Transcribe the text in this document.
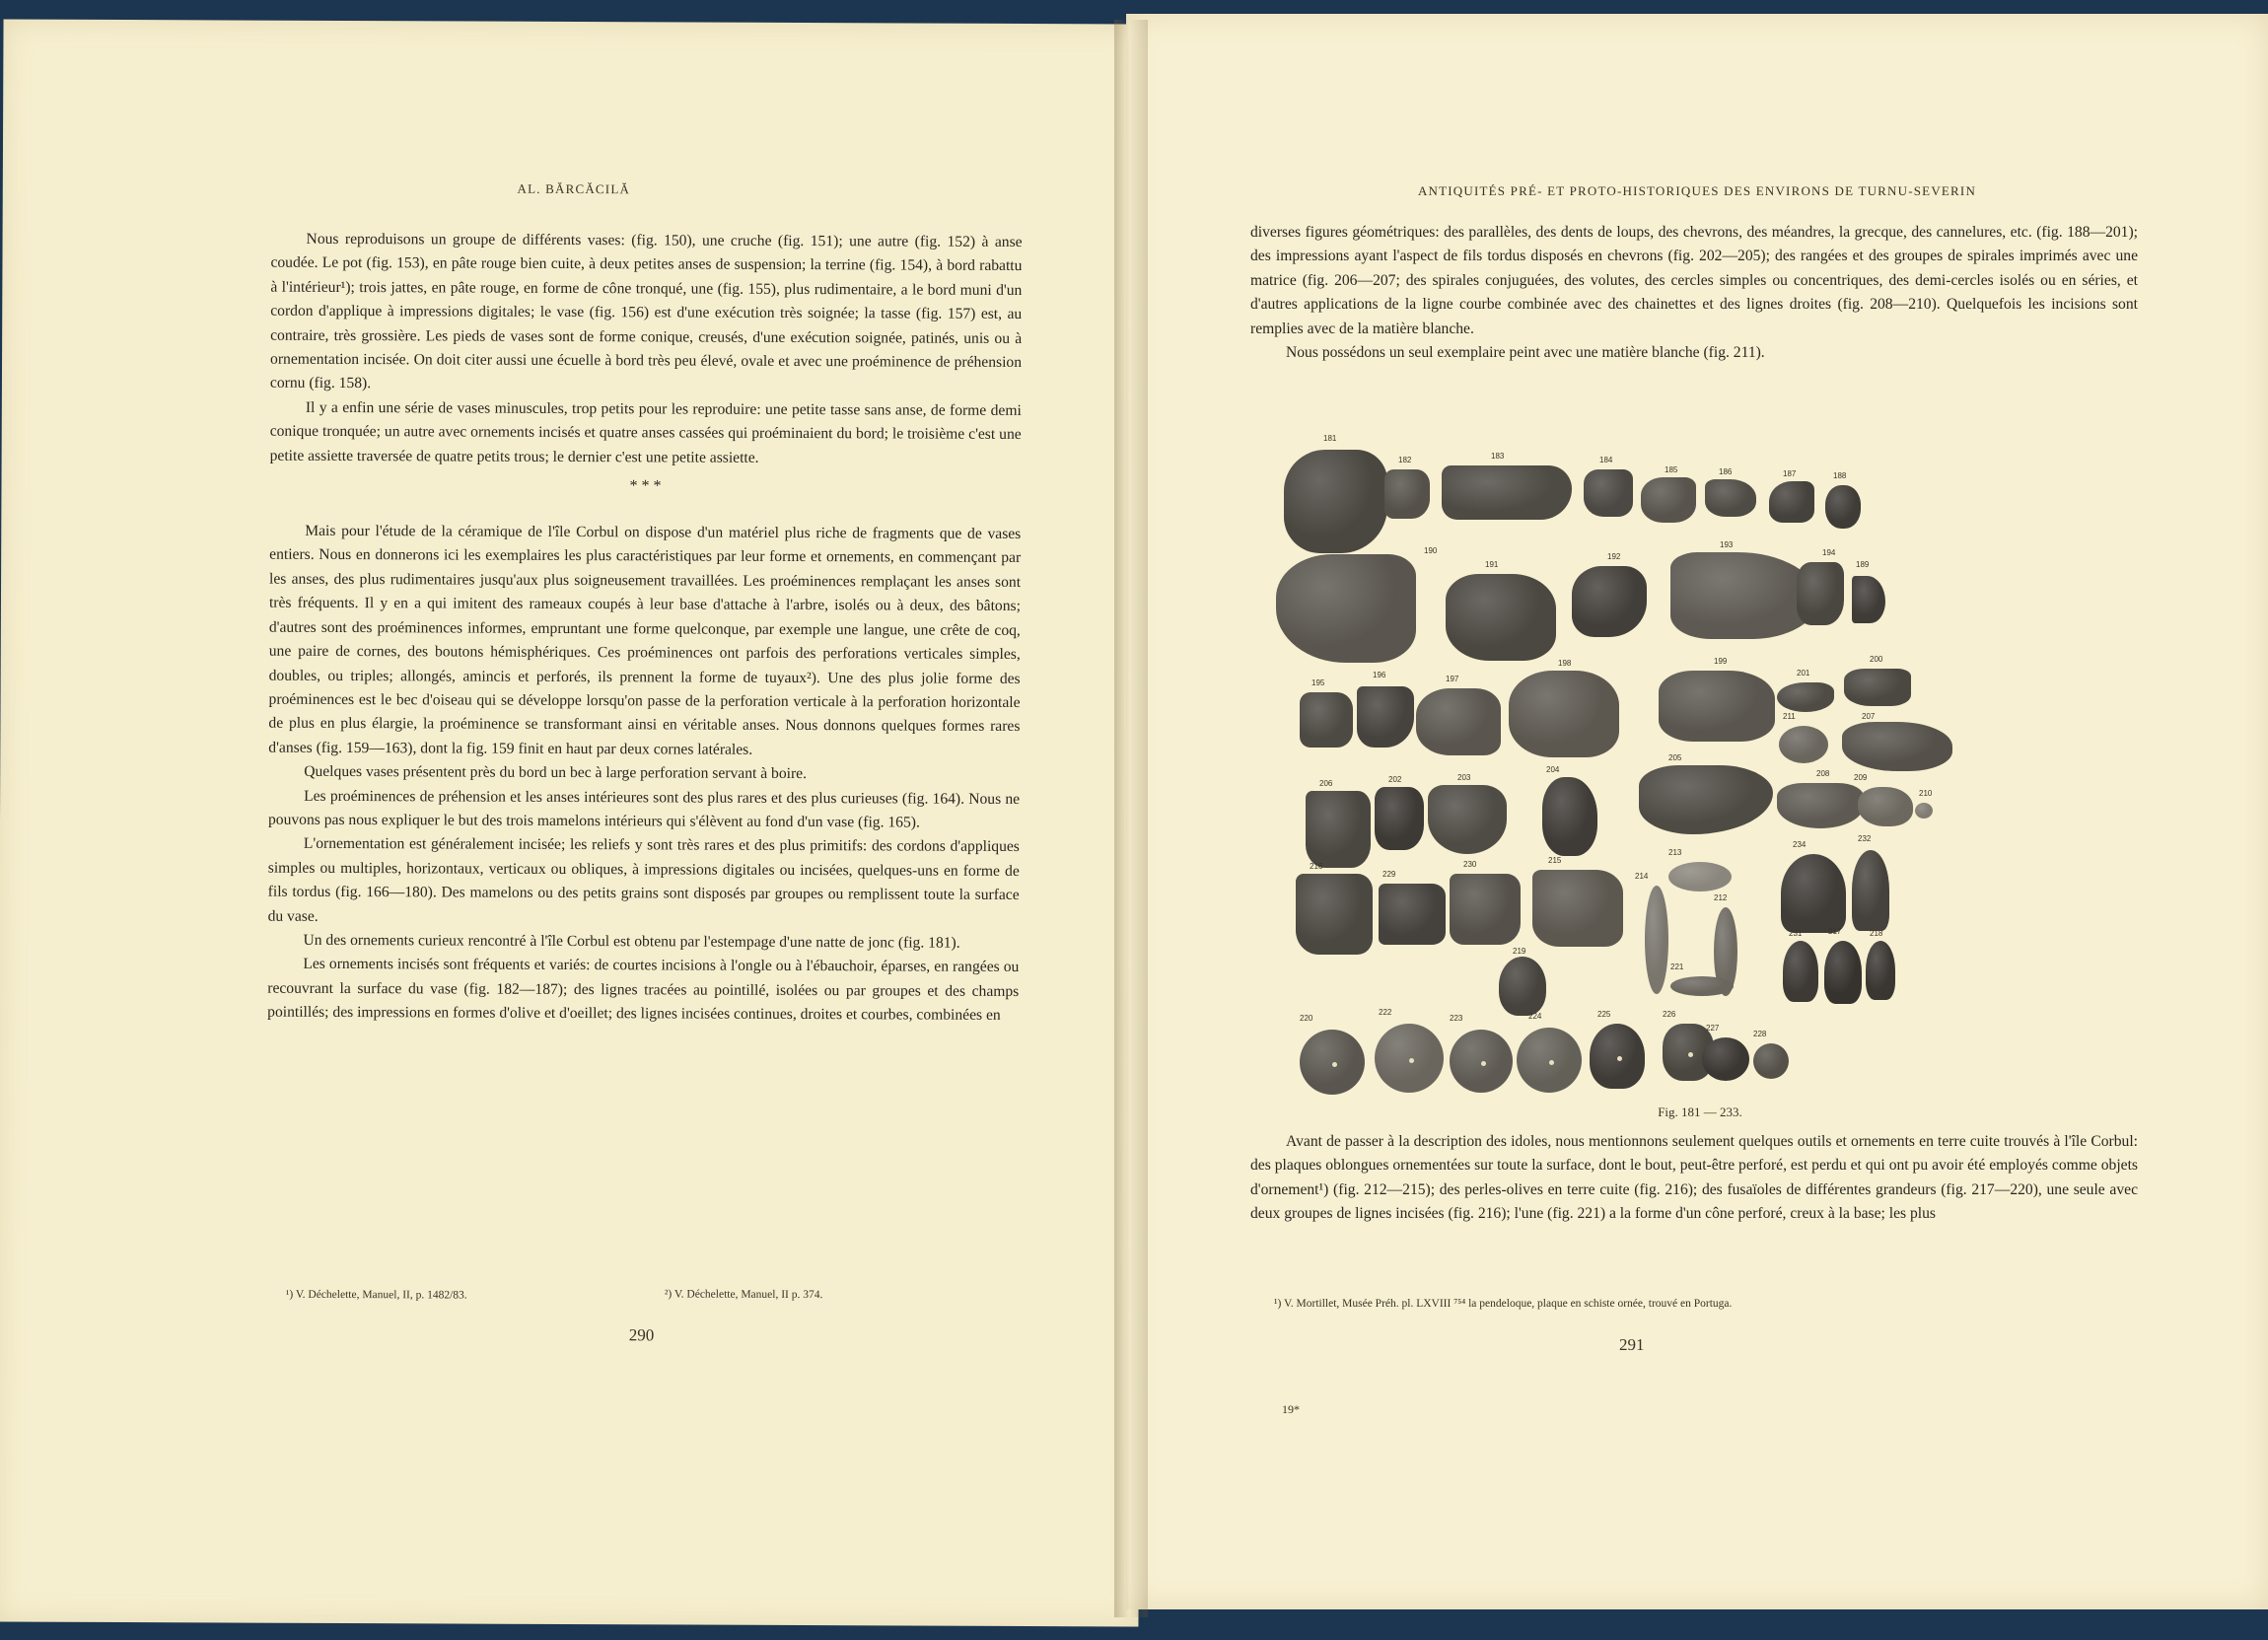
AL. BĂRCĂCILĂ

Nous reproduisons un groupe de différents vases: (fig. 150), une cruche (fig. 151); une autre (fig. 152) à anse coudée. Le pot (fig. 153), en pâte rouge bien cuite, à deux petites anses de suspension; la terrine (fig. 154), à bord rabattu à l'intérieur¹); trois jattes, en pâte rouge, en forme de cône tronqué, une (fig. 155), plus rudimentaire, a le bord muni d'un cordon d'applique à impressions digitales; le vase (fig. 156) est d'une exécution très soignée; la tasse (fig. 157) est, au contraire, très grossière. Les pieds de vases sont de forme conique, creusés, d'une exécution soignée, patinés, unis ou à ornementation incisée. On doit citer aussi une écuelle à bord très peu élevé, ovale et avec une proéminence de préhension cornu (fig. 158).

Il y a enfin une série de vases minuscules, trop petits pour les reproduire: une petite tasse sans anse, de forme demi conique tronquée; un autre avec ornements incisés et quatre anses cassées qui proéminaient du bord; le troisième c'est une petite assiette traversée de quatre petits trous; le dernier c'est une petite assiette.

* * *

Mais pour l'étude de la céramique de l'île Corbul on dispose d'un matériel plus riche de fragments que de vases entiers. Nous en donnerons ici les exemplaires les plus caractéristiques par leur forme et ornements, en commençant par les anses, des plus rudimentaires jusqu'aux plus soigneusement travaillées. Les proéminences remplaçant les anses sont très fréquents. Il y en a qui imitent des rameaux coupés à leur base d'attache à l'arbre, isolés ou à deux, des bâtons; d'autres sont des proéminences informes, empruntant une forme quelconque, par exemple une langue, une crête de coq, une paire de cornes, des boutons hémisphériques. Ces proéminences ont parfois des perforations verticales simples, doubles, ou triples; allongés, amincis et perforés, ils prennent la forme de tuyaux²). Une des plus jolie forme des proéminences est le bec d'oiseau qui se développe lorsqu'on passe de la perforation verticale à la perforation horizontale de plus en plus élargie, la proéminence se transformant ainsi en véritable anses. Nous donnons quelques formes rares d'anses (fig. 159—163), dont la fig. 159 finit en haut par deux cornes latérales.

Quelques vases présentent près du bord un bec à large perforation servant à boire.

Les proéminences de préhension et les anses intérieures sont des plus rares et des plus curieuses (fig. 164). Nous ne pouvons pas nous expliquer le but des trois mamelons intérieurs qui s'élèvent au fond d'un vase (fig. 165).

L'ornementation est généralement incisée; les reliefs y sont très rares et des plus primitifs: des cordons d'appliques simples ou multiples, horizontaux, verticaux ou obliques, à impressions digitales ou incisées, quelques-uns en forme de fils tordus (fig. 166—180). Des mamelons ou des petits grains sont disposés par groupes ou remplissent toute la surface du vase.

Un des ornements curieux rencontré à l'île Corbul est obtenu par l'estempage d'une natte de jonc (fig. 181).

Les ornements incisés sont fréquents et variés: de courtes incisions à l'ongle ou à l'ébauchoir, éparses, en rangées ou recouvrant la surface du vase (fig. 182—187); des lignes tracées au pointillé, isolées ou par groupes et des champs pointillés; des impressions en formes d'olive et d'oeillet; des lignes incisées continues, droites et courbes, combinées en

¹) V. Déchelette, Manuel, II, p. 1482/83.	²) V. Déchelette, Manuel, II p. 374.
290
ANTIQUITÉS PRÉ- ET PROTO-HISTORIQUES DES ENVIRONS DE TURNU-SEVERIN

diverses figures géométriques: des parallèles, des dents de loups, des chevrons, des méandres, la grecque, des cannelures, etc. (fig. 188—201); des impressions ayant l'aspect de fils tordus disposés en chevrons (fig. 202—205); des rangées et des groupes de spirales imprimés avec une matrice (fig. 206—207; des spirales conjuguées, des volutes, des cercles simples ou concentriques, des demi-cercles isolés ou en séries, et d'autres applications de la ligne courbe combinée avec des chainettes et des lignes droites (fig. 208—210). Quelquefois les incisions sont remplies avec de la matière blanche.

Nous possédons un seul exemplaire peint avec une matière blanche (fig. 211).

181
182	183	184
185	186	187	188
190
191
192
193
194
189
195
196	197
198	199
201
200
211	207
206	202	203
204
205
208	209
210
216
229
230	215
214
213
212
221
234
232
231	217	218
219
220
222
223	224	225	226
227
228
Fig. 181 — 233.

Avant de passer à la description des idoles, nous mentionnons seulement quelques outils et ornements en terre cuite trouvés à l'île Corbul: des plaques oblongues ornementées sur toute la surface, dont le bout, peut-être perforé, est perdu et qui ont pu avoir été employés comme objets d'ornement¹) (fig. 212—215); des perles-olives en terre cuite (fig. 216); des fusaïoles de différentes grandeurs (fig. 217—220), une seule avec deux groupes de lignes incisées (fig. 216); l'une (fig. 221) a la forme d'un cône perforé, creux à la base; les plus

¹) V. Mortillet, Musée Préh. pl. LXVIII ⁷⁵⁴ la pendeloque, plaque en schiste ornée, trouvé en Portuga.
291
19*
